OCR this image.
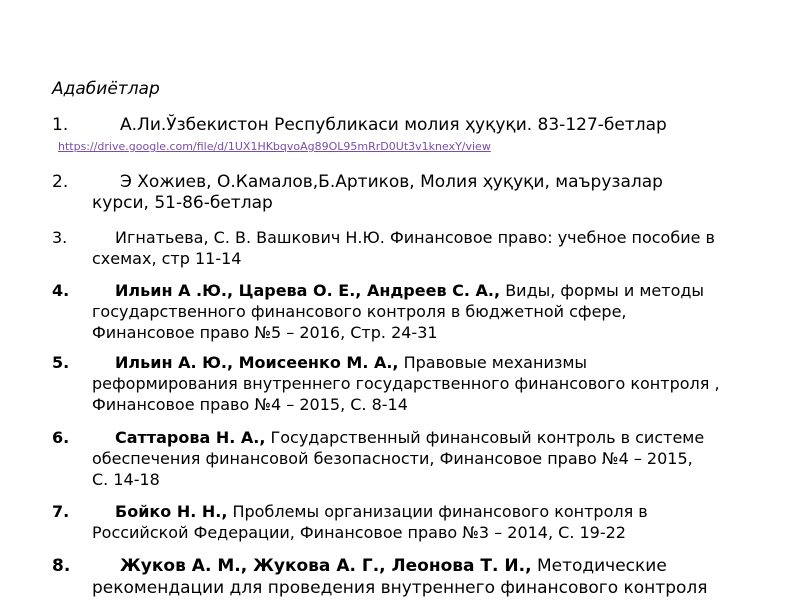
Адабиётлар
1.	А.Ли.Ўзбекистон Республикаси молия ҳуқуқи. 83-127-бетлар
https://drive.google.com/file/d/1UX1HKbqvoAg89OL95mRrD0Ut3v1knexY/view
2.	Э Хожиев, О.Камалов,Б.Артиков, Молия ҳуқуқи, маърузалар
курси, 51-86-бетлар
3.	Игнатьева, С. В. Вашкович Н.Ю. Финансовое право: учебное пособие в
схемах, стр 11-14
4.	Ильин А .Ю., Царева О. Е., Андреев С. А., Виды, формы и методы
государственного финансового контроля в бюджетной сфере,
Финансовое право №5 – 2016, Стр. 24-31
5.	Ильин А. Ю., Моисеенко М. А., Правовые механизмы
реформирования внутреннего государственного финансового контроля ,
Финансовое право №4 – 2015, С. 8-14
6.	Саттарова Н. А., Государственный финансовый контроль в системе
обеспечения финансовой безопасности, Финансовое право №4 – 2015,
С. 14-18
7.	Бойко Н. Н., Проблемы организации финансового контроля в
Российской Федерации, Финансовое право №3 – 2014, С. 19-22
8.	Жуков А. М., Жукова А. Г., Леонова Т. И., Методические
рекомендации для проведения внутреннего финансового контроля
